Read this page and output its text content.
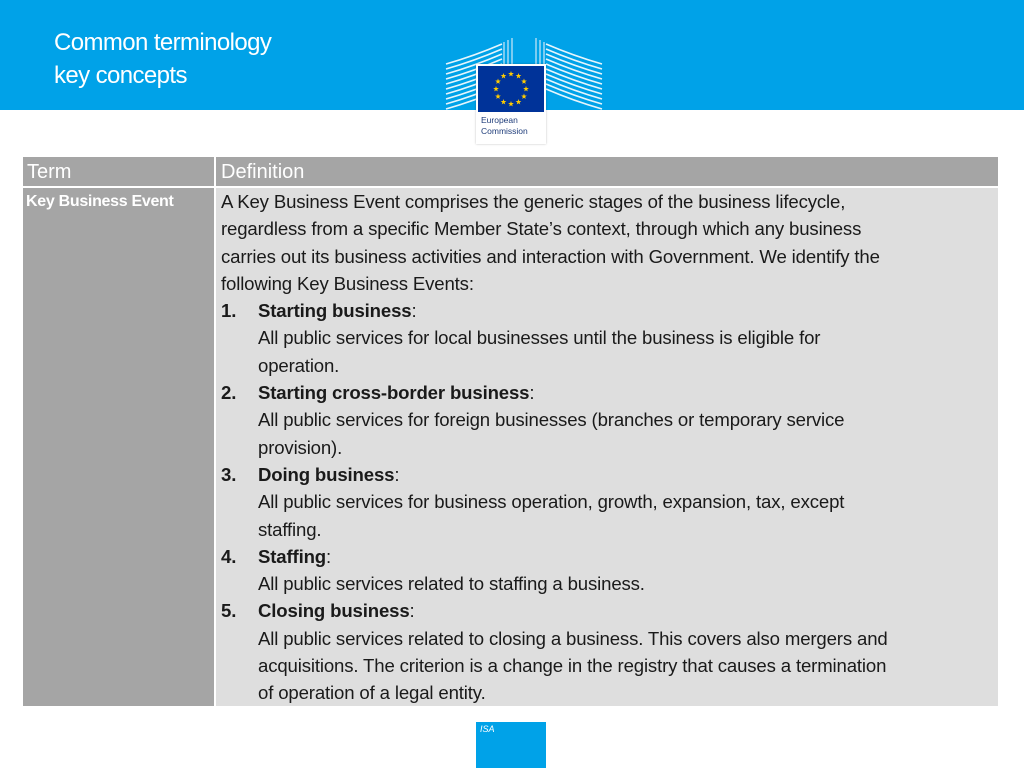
Common terminology
key concepts
European
Commission
Term	Definition
Key Business Event	A Key Business Event comprises the generic stages of the business lifecycle,
regardless from a specific Member State’s context, through which any business
carries out its business activities and interaction with Government. We identify the
following Key Business Events:
1. Starting business:
All public services for local businesses until the business is eligible for
operation.
2. Starting cross-border business:
All public services for foreign businesses (branches or temporary service
provision).
3. Doing business:
All public services for business operation, growth, expansion, tax, except
staffing.
4. Staffing:
All public services related to staffing a business.
5. Closing business:
All public services related to closing a business. This covers also mergers and
acquisitions. The criterion is a change in the registry that causes a termination
of operation of a legal entity.
ISA
